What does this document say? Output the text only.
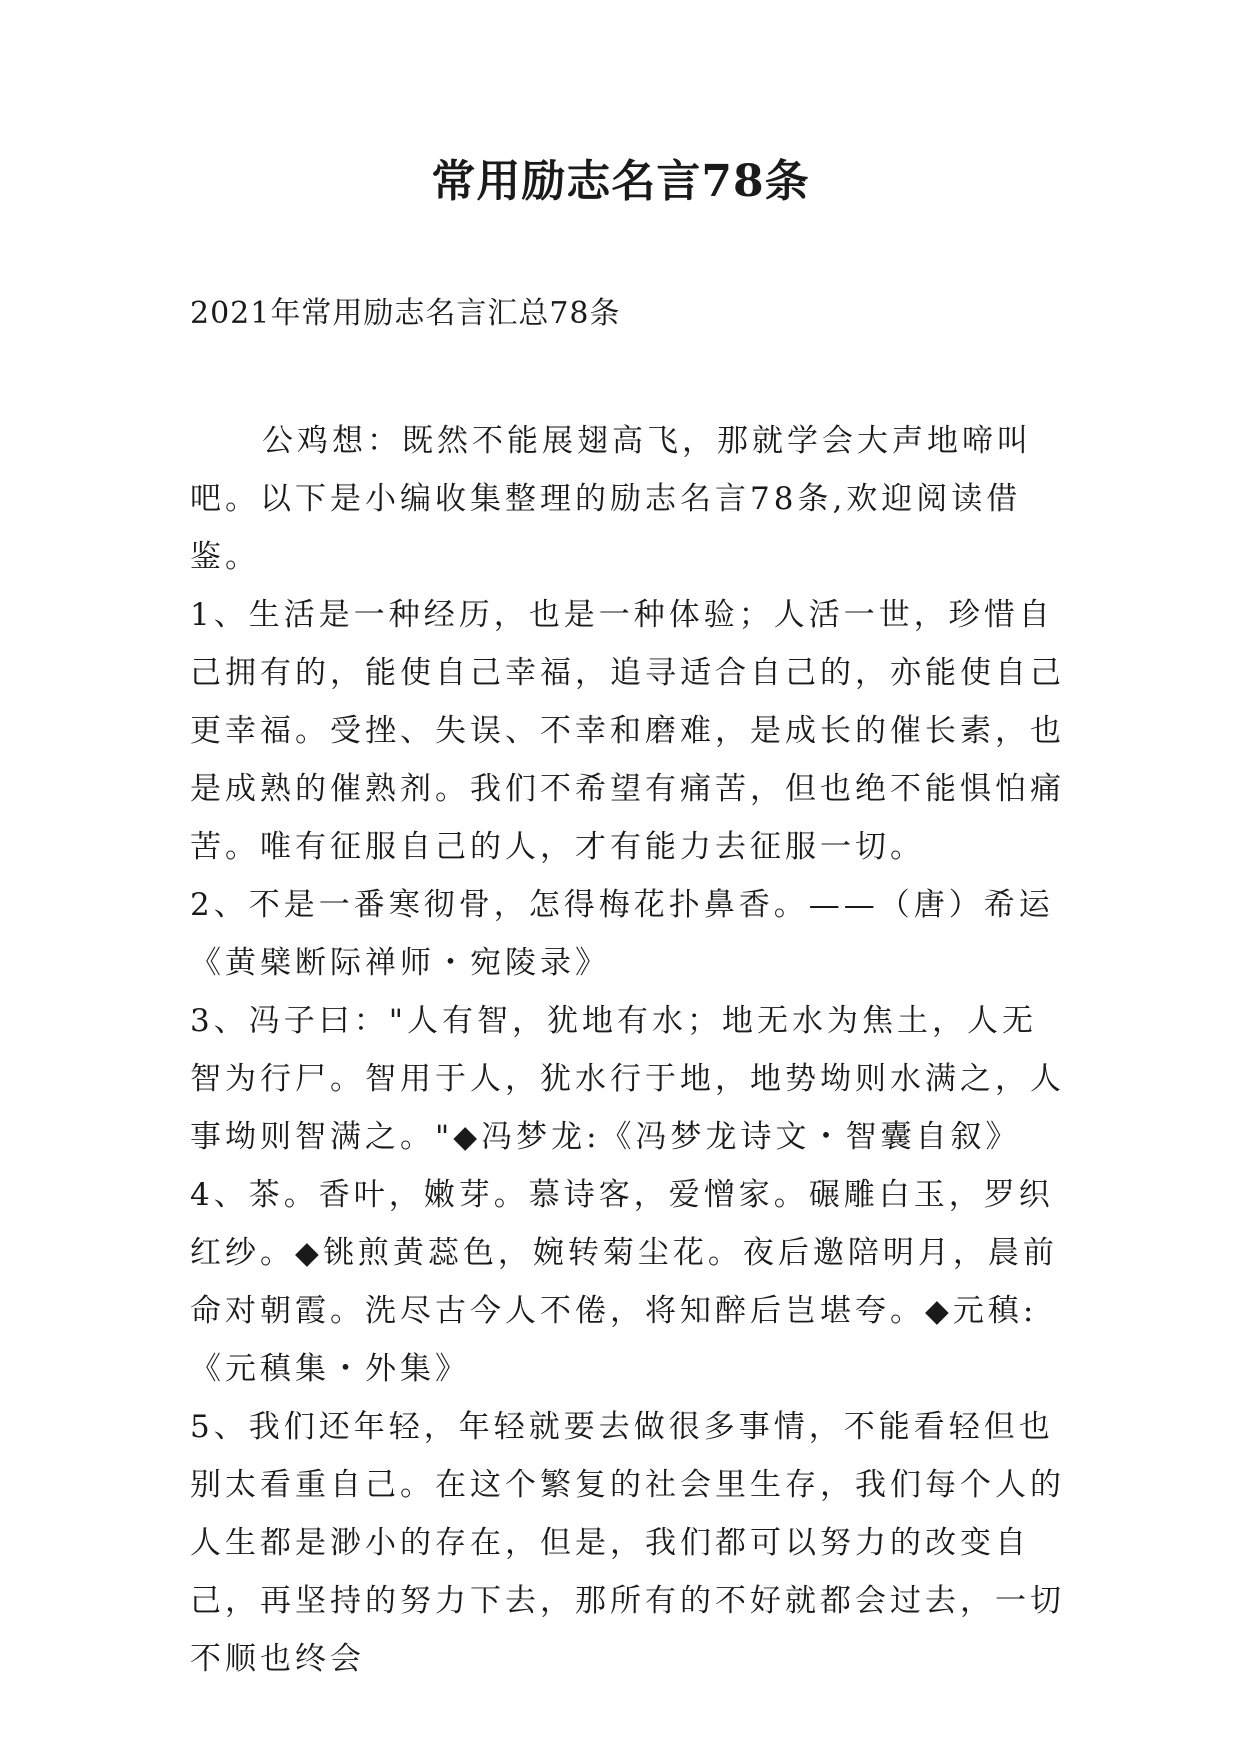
常用励志名言78条
2021年常用励志名言汇总78条

公鸡想：既然不能展翅高飞，那就学会大声地啼叫吧。以下是小编收集整理的励志名言78条,欢迎阅读借鉴。

1、生活是一种经历，也是一种体验；人活一世，珍惜自己拥有的，能使自己幸福，追寻适合自己的，亦能使自己更幸福。受挫、失误、不幸和磨难，是成长的催长素，也是成熟的催熟剂。我们不希望有痛苦，但也绝不能惧怕痛苦。唯有征服自己的人，才有能力去征服一切。

2、不是一番寒彻骨，怎得梅花扑鼻香。——（唐）希运《黄檗断际禅师・宛陵录》

3、冯子曰："人有智，犹地有水；地无水为焦土，人无智为行尸。智用于人，犹水行于地，地势坳则水满之，人事坳则智满之。"◆冯梦龙:《冯梦龙诗文・智囊自叙》

4、茶。香叶，嫩芽。慕诗客，爱憎家。碾雕白玉，罗织红纱。◆铫煎黄蕊色，婉转菊尘花。夜后邀陪明月，晨前命对朝霞。洗尽古今人不倦，将知醉后岂堪夸。◆元稹:《元稹集・外集》

5、我们还年轻，年轻就要去做很多事情，不能看轻但也别太看重自己。在这个繁复的社会里生存，我们每个人的人生都是渺小的存在，但是，我们都可以努力的改变自己，再坚持的努力下去，那所有的不好就都会过去，一切不顺也终会
